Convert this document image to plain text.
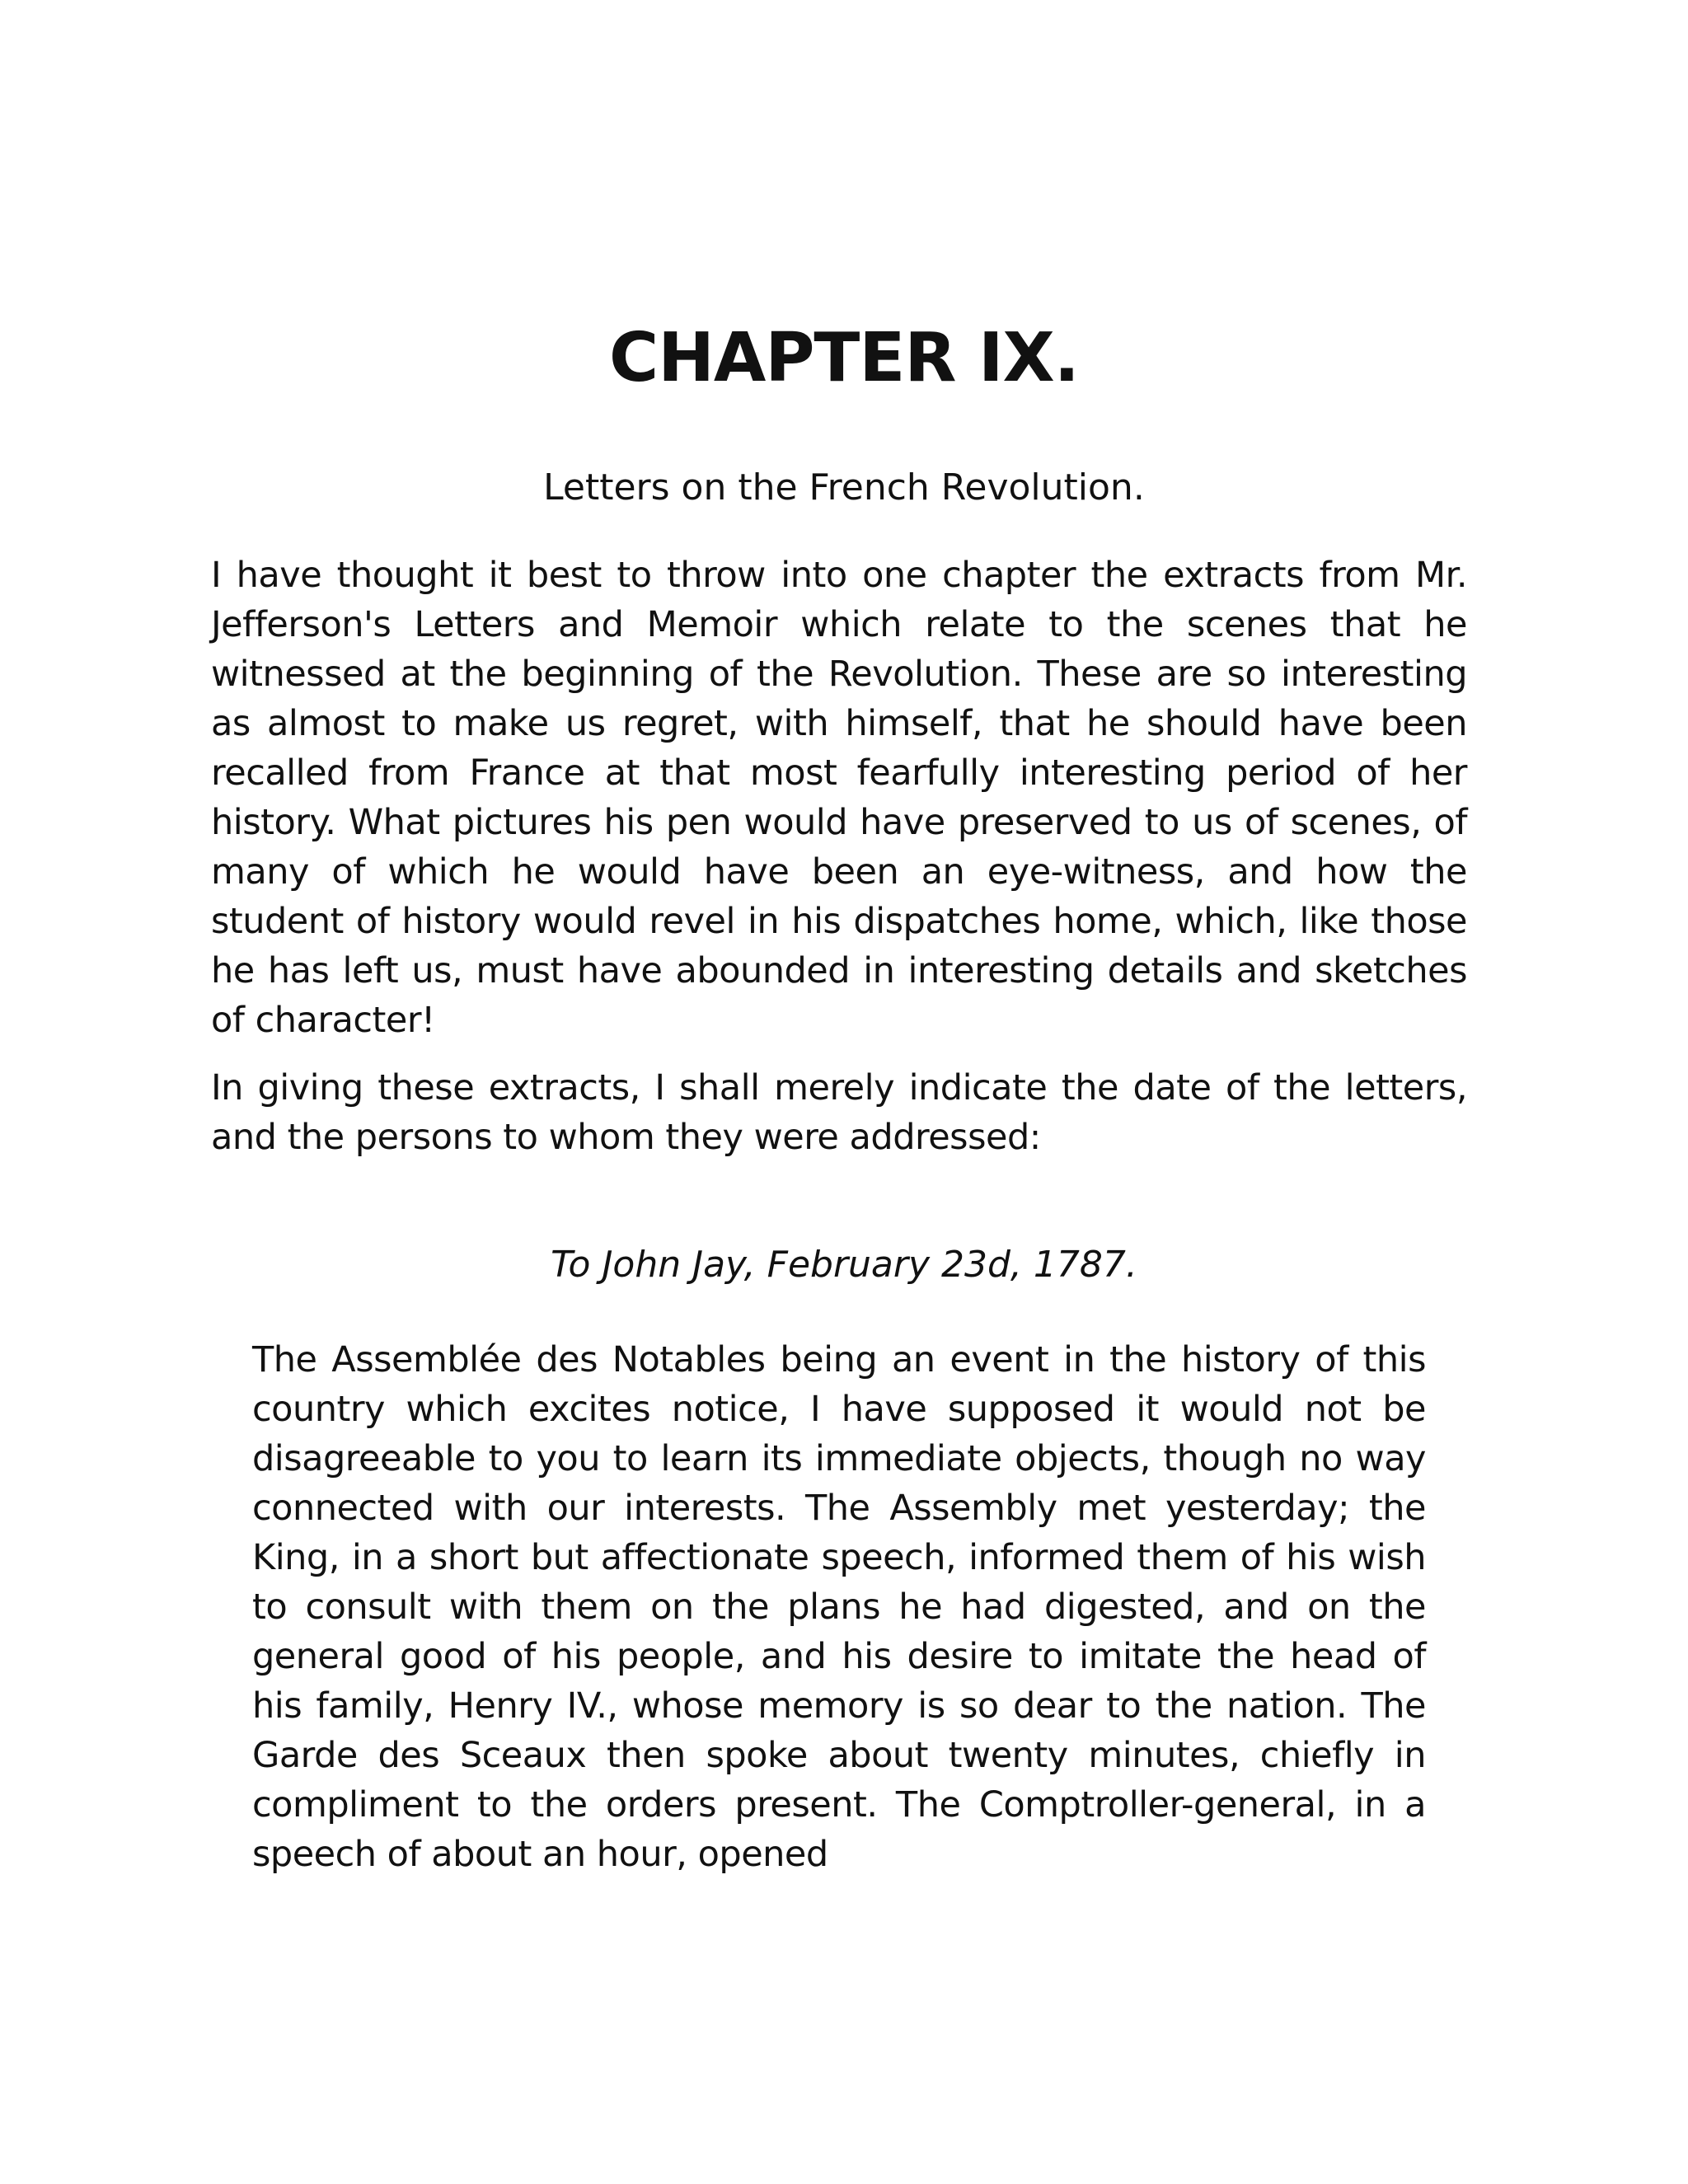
CHAPTER IX.

Letters on the French Revolution.

I have thought it best to throw into one chapter the extracts from Mr. Jefferson's Letters and Memoir which relate to the scenes that he witnessed at the beginning of the Revolution. These are so interesting as almost to make us regret, with himself, that he should have been recalled from France at that most fearfully interesting period of her history. What pictures his pen would have preserved to us of scenes, of many of which he would have been an eye-witness, and how the student of history would revel in his dispatches home, which, like those he has left us, must have abounded in interesting details and sketches of character!

In giving these extracts, I shall merely indicate the date of the letters, and the persons to whom they were addressed:

To John Jay, February 23d, 1787.

The Assemblée des Notables being an event in the history of this country which excites notice, I have supposed it would not be disagreeable to you to learn its immediate objects, though no way connected with our interests. The Assembly met yesterday; the King, in a short but affectionate speech, informed them of his wish to consult with them on the plans he had digested, and on the general good of his people, and his desire to imitate the head of his family, Henry IV., whose memory is so dear to the nation. The Garde des Sceaux then spoke about twenty minutes, chiefly in compliment to the orders present. The Comptroller-general, in a speech of about an hour, opened
